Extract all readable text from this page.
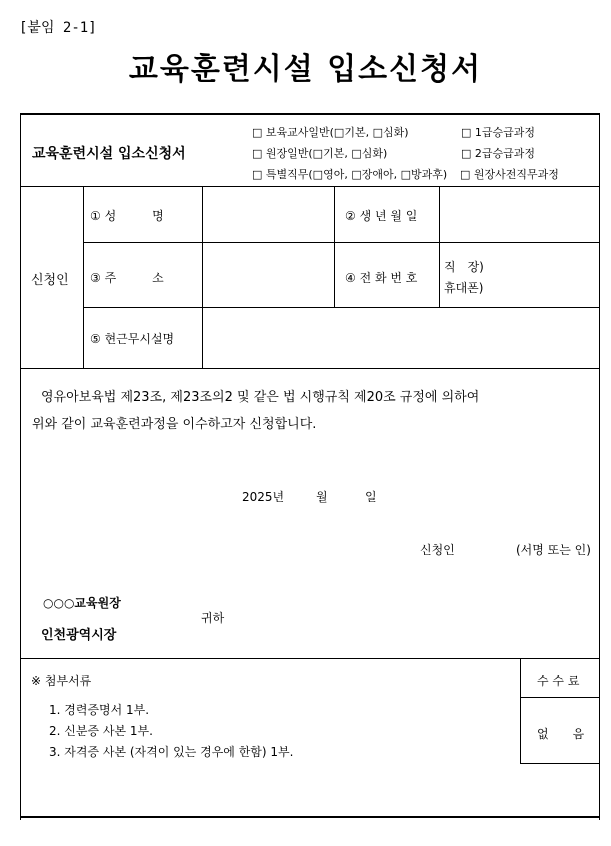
[붙임 2-1]
교육훈련시설 입소신청서
교육훈련시설 입소신청서
□ 보육교사일반(□기본, □심화)	□ 1급승급과정
□ 원장일반(□기본, □심화)	□ 2급승급과정
□ 특별직무(□영아, □장애아, □방과후) □ 원장사전직무과정
신청인
① 성　　　명	② 생 년 월 일
③ 주　　　소	④ 전 화 번 호
직　장)
휴대폰)
⑤ 현근무시설명
영유아보육법 제23조, 제23조의2 및 같은 법 시행규칙 제20조 규정에 의하여
위와 같이 교육훈련과정을 이수하고자 신청합니다.
2025년	월	일
신청인	(서명 또는 인)
○○○교육원장
인천광역시장
귀하
※ 첨부서류
1. 경력증명서 1부.
2. 신분증 사본 1부.
3. 자격증 사본 (자격이 있는 경우에 한함) 1부.
수 수 료
없　　음
